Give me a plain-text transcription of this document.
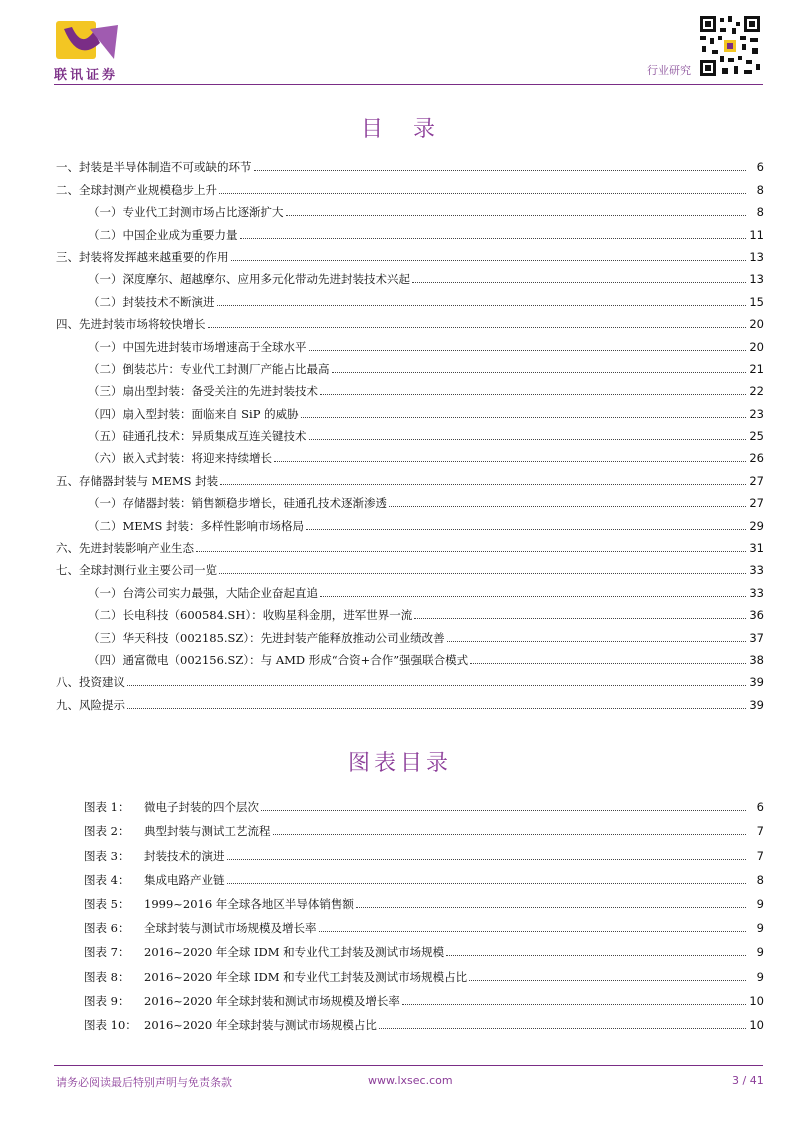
联讯证券	行业研究
目　录
一、封装是半导体制造不可或缺的环节	6
二、全球封测产业规模稳步上升	8
（一）专业代工封测市场占比逐渐扩大	8
（二）中国企业成为重要力量	11
三、封装将发挥越来越重要的作用	13
（一）深度摩尔、超越摩尔、应用多元化带动先进封装技术兴起	13
（二）封装技术不断演进	15
四、先进封装市场将较快增长	20
（一）中国先进封装市场增速高于全球水平	20
（二）倒装芯片：专业代工封测厂产能占比最高	21
（三）扇出型封装：备受关注的先进封装技术	22
（四）扇入型封装：面临来自 SiP 的威胁	23
（五）硅通孔技术：异质集成互连关键技术	25
（六）嵌入式封装：将迎来持续增长	26
五、存储器封装与 MEMS 封装	27
（一）存储器封装：销售额稳步增长，硅通孔技术逐渐渗透	27
（二）MEMS 封装：多样性影响市场格局	29
六、先进封装影响产业生态	31
七、全球封测行业主要公司一览	33
（一）台湾公司实力最强，大陆企业奋起直追	33
（二）长电科技（600584.SH）：收购星科金朋，进军世界一流	36
（三）华天科技（002185.SZ）：先进封装产能释放推动公司业绩改善	37
（四）通富微电（002156.SZ）：与 AMD 形成“合资+合作”强强联合模式	38
八、投资建议	39
九、风险提示	39
图表目录
图表 1：	微电子封装的四个层次	6
图表 2：	典型封装与测试工艺流程	7
图表 3：	封装技术的演进	7
图表 4：	集成电路产业链	8
图表 5：	1999~2016 年全球各地区半导体销售额	9
图表 6：	全球封装与测试市场规模及增长率	9
图表 7：	2016~2020 年全球 IDM 和专业代工封装及测试市场规模	9
图表 8：	2016~2020 年全球 IDM 和专业代工封装及测试市场规模占比	9
图表 9：	2016~2020 年全球封装和测试市场规模及增长率	10
图表 10： 2016~2020 年全球封装与测试市场规模占比	10
请务必阅读最后特别声明与免责条款	www.lxsec.com	3 / 41
